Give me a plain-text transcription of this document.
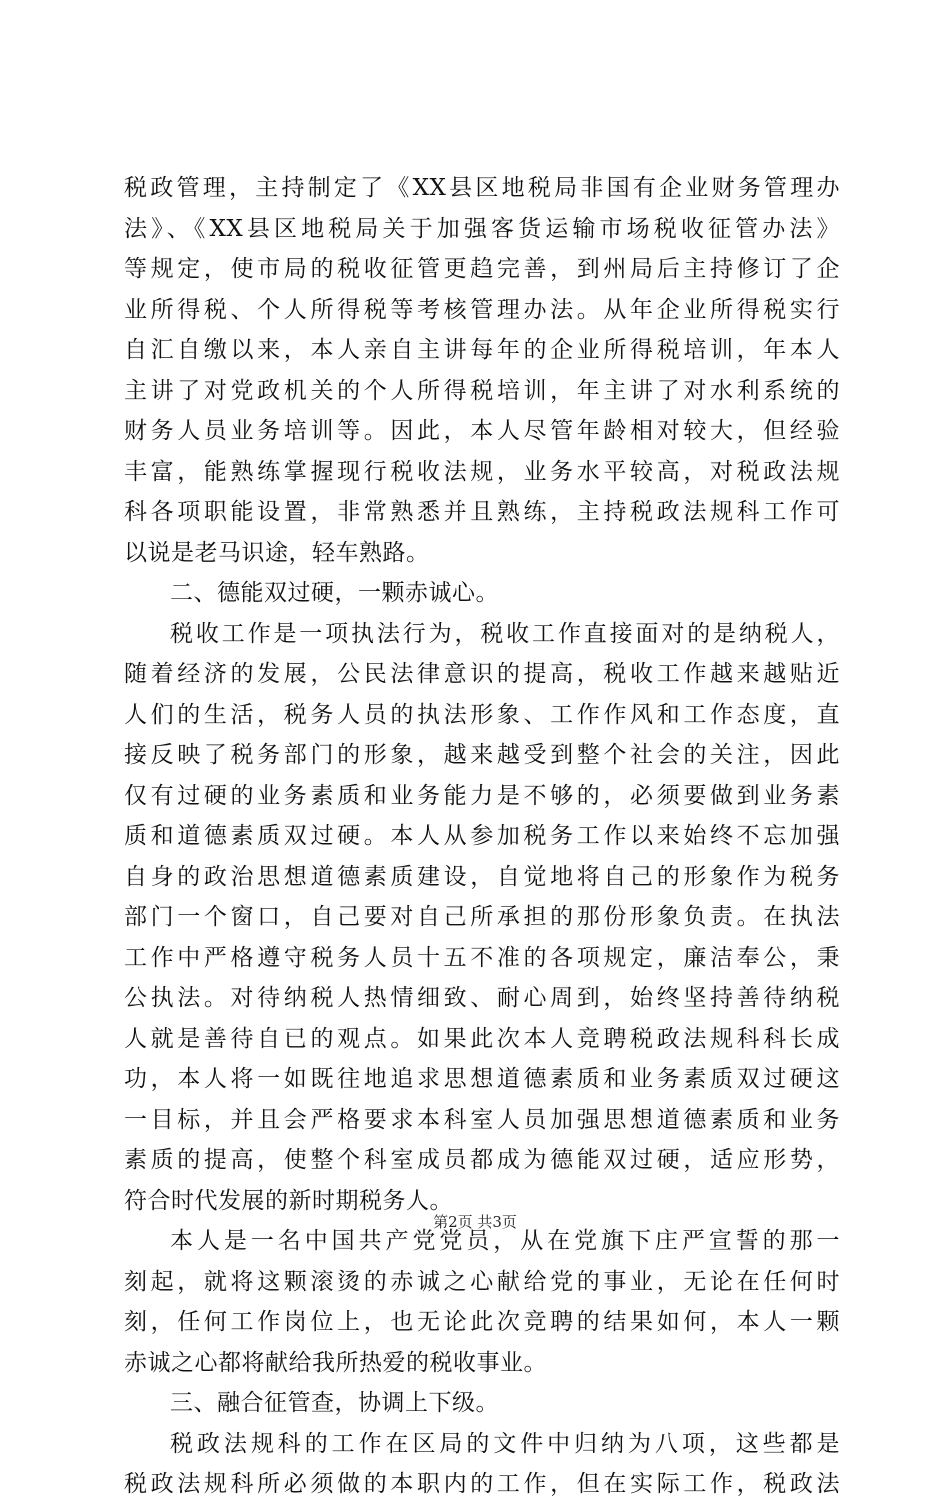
税政管理，主持制定了《XX县区地税局非国有企业财务管理办
法》、《XX县区地税局关于加强客货运输市场税收征管办法》
等规定，使市局的税收征管更趋完善，到州局后主持修订了企
业所得税、个人所得税等考核管理办法。从年企业所得税实行
自汇自缴以来，本人亲自主讲每年的企业所得税培训，年本人
主讲了对党政机关的个人所得税培训，年主讲了对水利系统的
财务人员业务培训等。因此，本人尽管年龄相对较大，但经验
丰富，能熟练掌握现行税收法规，业务水平较高，对税政法规
科各项职能设置，非常熟悉并且熟练，主持税政法规科工作可
以说是老马识途，轻车熟路。
二、德能双过硬，一颗赤诚心。
税收工作是一项执法行为，税收工作直接面对的是纳税人，
随着经济的发展，公民法律意识的提高，税收工作越来越贴近
人们的生活，税务人员的执法形象、工作作风和工作态度，直
接反映了税务部门的形象，越来越受到整个社会的关注，因此
仅有过硬的业务素质和业务能力是不够的，必须要做到业务素
质和道德素质双过硬。本人从参加税务工作以来始终不忘加强
自身的政治思想道德素质建设，自觉地将自己的形象作为税务
部门一个窗口，自己要对自己所承担的那份形象负责。在执法
工作中严格遵守税务人员十五不准的各项规定，廉洁奉公，秉
公执法。对待纳税人热情细致、耐心周到，始终坚持善待纳税
人就是善待自已的观点。如果此次本人竞聘税政法规科科长成
功，本人将一如既往地追求思想道德素质和业务素质双过硬这
一目标，并且会严格要求本科室人员加强思想道德素质和业务
素质的提高，使整个科室成员都成为德能双过硬，适应形势，
符合时代发展的新时期税务人。
本人是一名中国共产党党员，从在党旗下庄严宣誓的那一
刻起，就将这颗滚烫的赤诚之心献给党的事业，无论在任何时
刻，任何工作岗位上，也无论此次竞聘的结果如何，本人一颗
赤诚之心都将献给我所热爱的税收事业。
三、融合征管查，协调上下级。
税政法规科的工作在区局的文件中归纳为八项，这些都是
税政法规科所必须做的本职内的工作，但在实际工作，税政法
第2页 共3页
